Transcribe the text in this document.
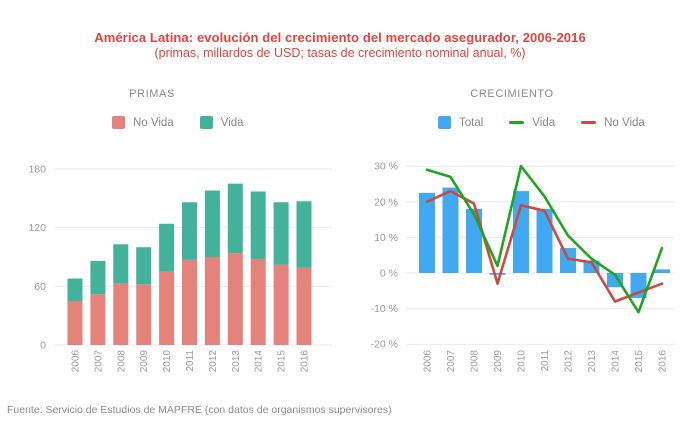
América Latina: evolución del crecimiento del mercado asegurador, 2006-2016
(primas, millardos de USD; tasas de crecimiento nominal anual, %)
PRIMAS	CRECIMIENTO
No Vida	Vida	Total	Vida	No Vida
180
120
60
0
2006 2007 2008 2009 2010 2011 2012 2013 2014 2015 2016
30 %
20 %
10 %
0 %
-10 %
-20 %
2006 2007 2008 2009 2010 2011 2012 2013 2014 2015 2016
Fuente: Servicio de Estudios de MAPFRE (con datos de organismos supervisores)
